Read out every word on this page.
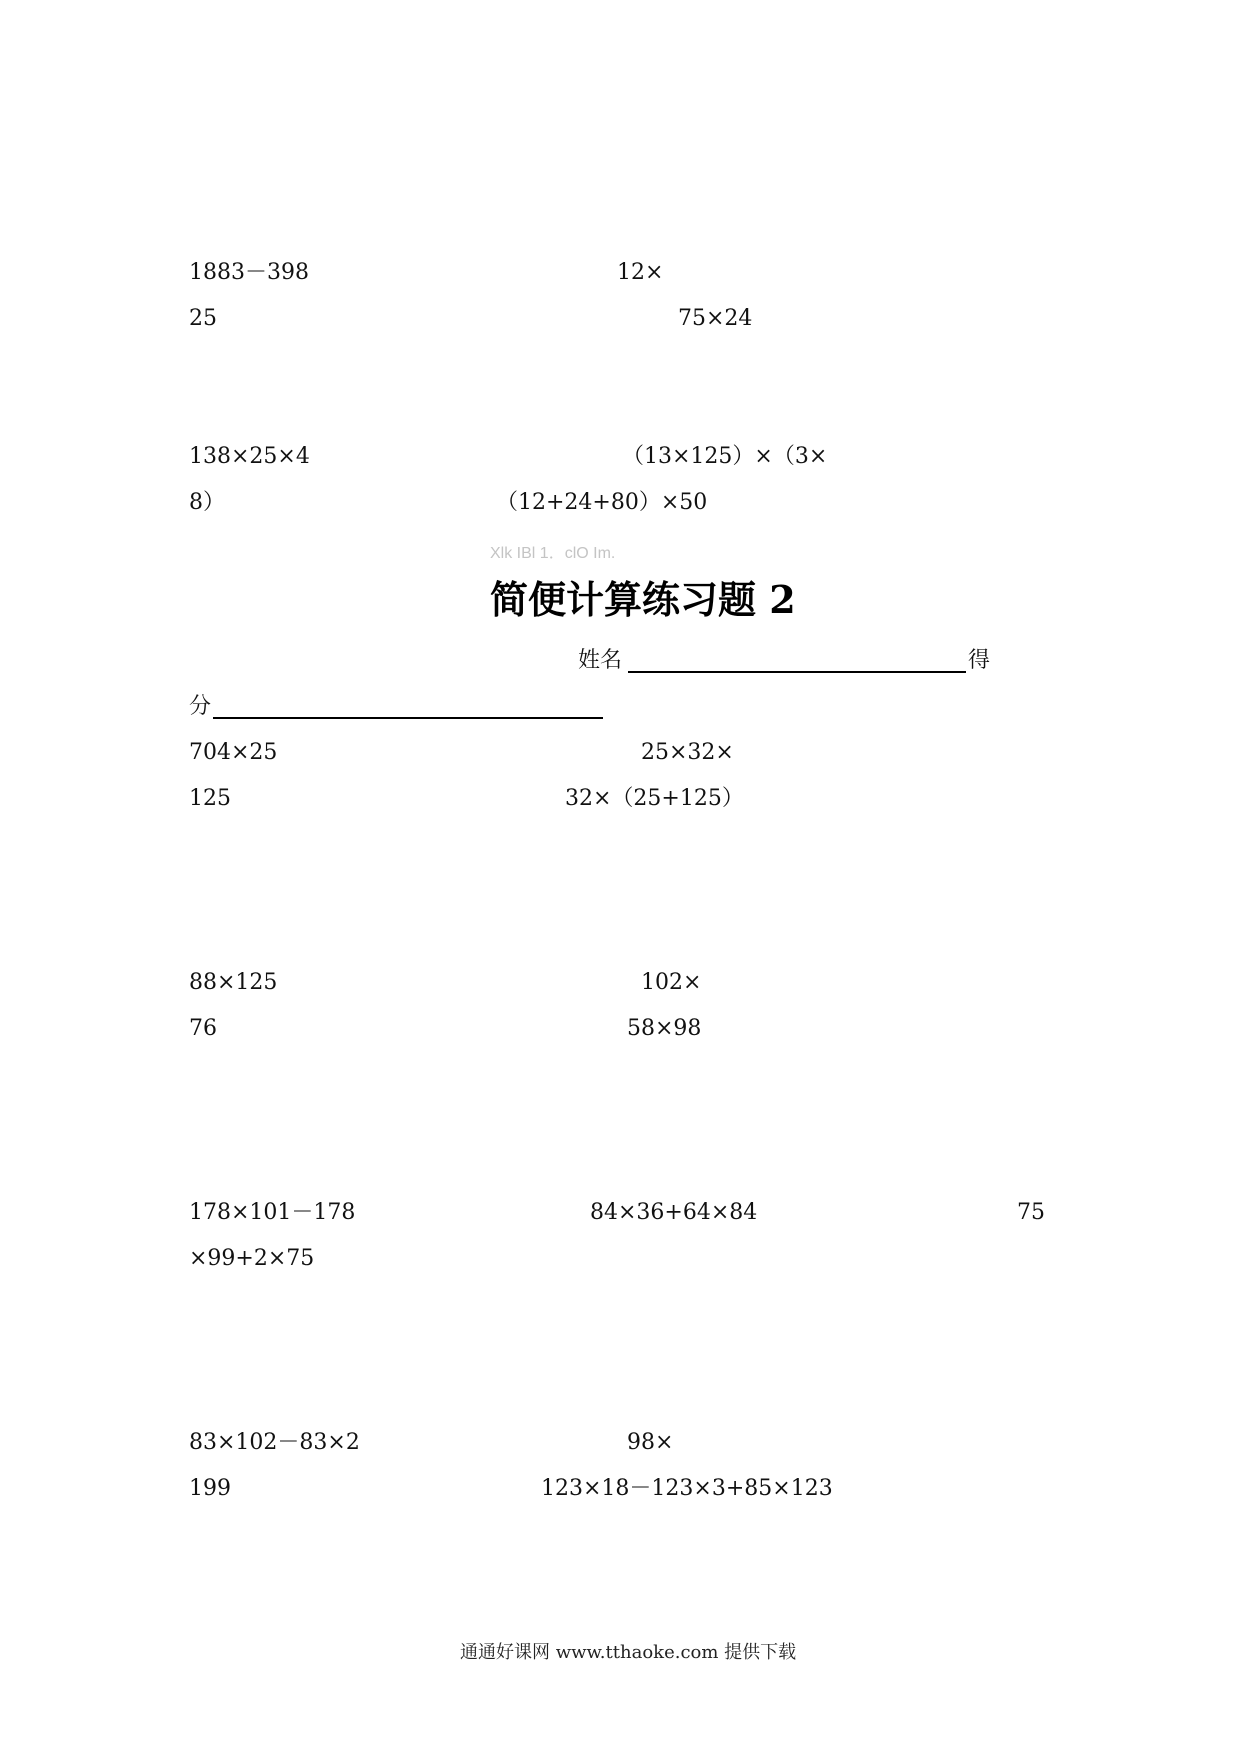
1883－398	12×
25	75×24
138×25×4	（13×125）×（3×
8）	（12+24+80）×50
Xlk IBl 1．clO Im.
简便计算练习题 2
姓名	得
分
704×25	25×32×
125	32×（25+125）
88×125	102×
76	58×98
178×101－178	84×36+64×84	75
×99+2×75
83×102－83×2	98×
199	123×18－123×3+85×123
通通好课网 www.tthaoke.com 提供下载
